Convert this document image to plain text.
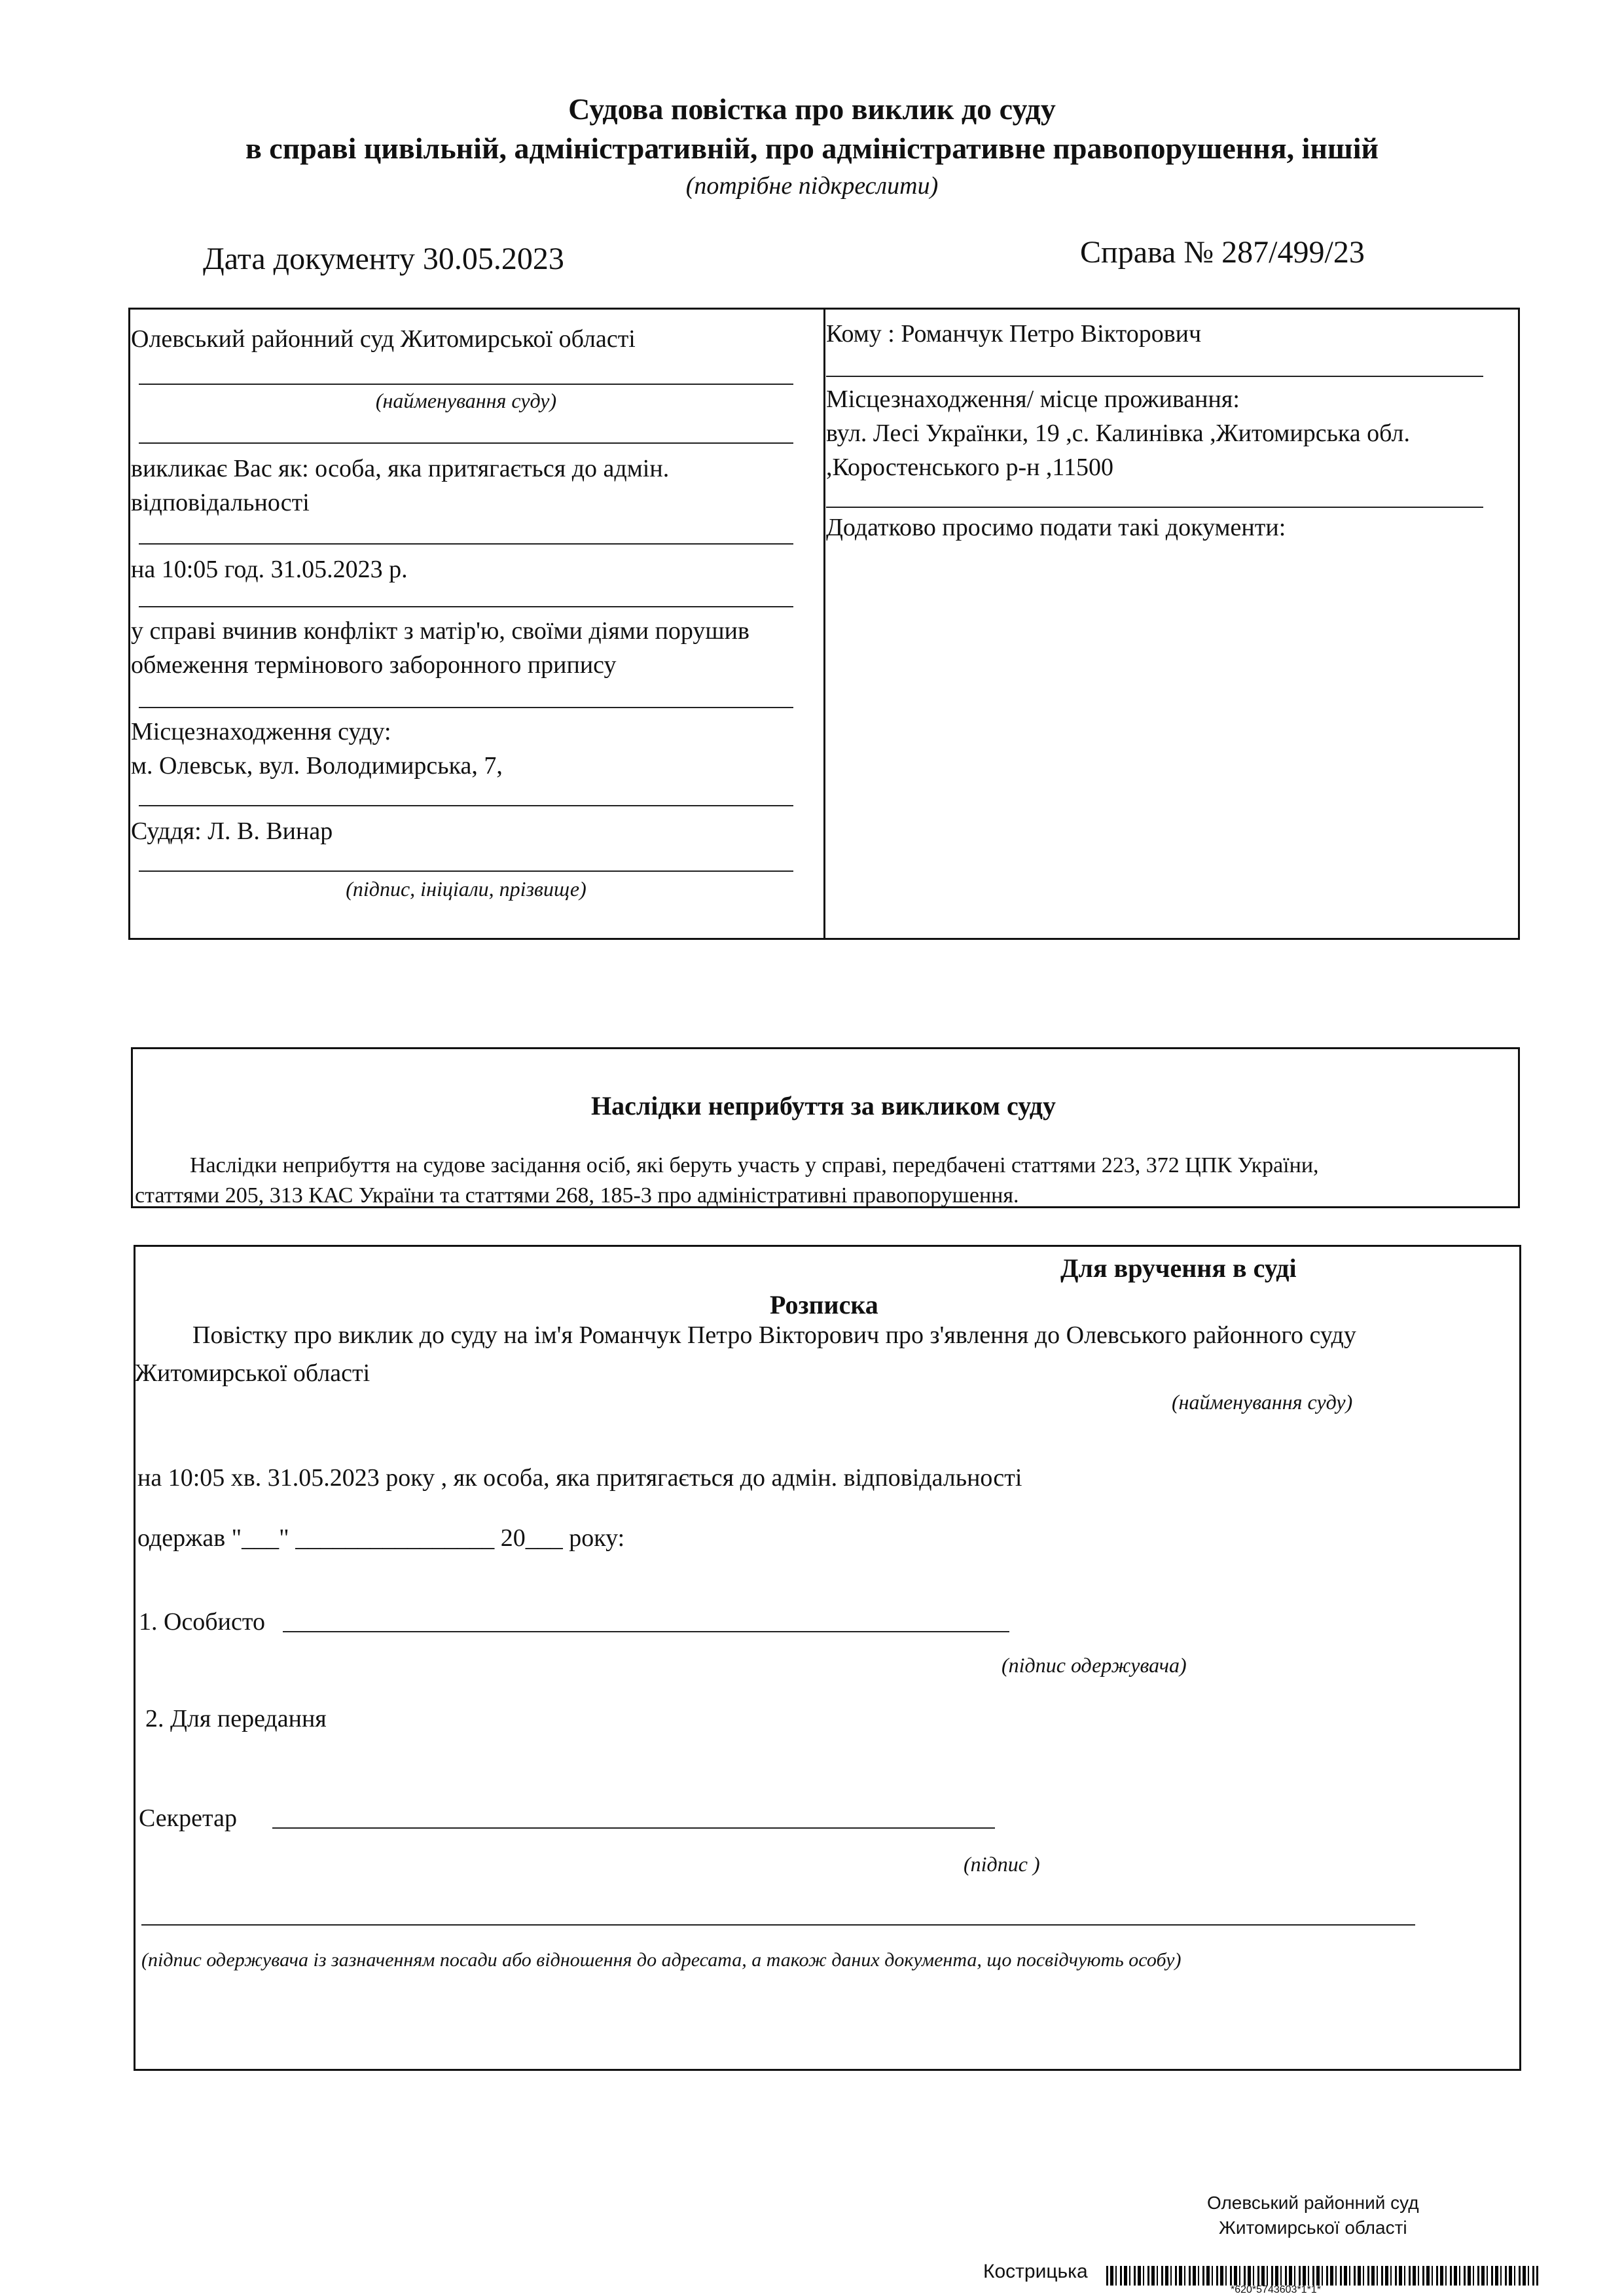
Судова повістка про виклик до суду
в справі цивільній, адміністративній, про адміністративне правопорушення, іншій
(потрібне підкреслити)
Дата документу 30.05.2023	Справа № 287/499/23
Олевський районний суд Житомирської області
(найменування суду)
викликає Вас як: особа, яка притягається до адмін.
відповідальності
на 10:05 год. 31.05.2023 р.
у справі вчинив конфлікт з матір'ю, своїми діями порушив
обмеження термінового заборонного припису
Місцезнаходження суду:
м. Олевськ, вул. Володимирська, 7,
Суддя: Л. В. Винар
(підпис, ініціали, прізвище)
Кому : Романчук Петро Вікторович
Місцезнаходження/ місце проживання:
вул. Лесі Українки, 19 ,с. Калинівка ,Житомирська обл.
,Коростенського р-н ,11500
Додатково просимо подати такі документи:
Наслідки неприбуття за викликом суду
Наслідки неприбуття на судове засідання осіб, які беруть участь у справі, передбачені статтями 223, 372 ЦПК України,
статтями 205, 313 КАС України та статтями 268, 185-3 про адміністративні правопорушення.
Для вручення в суді
Розписка
Повістку про виклик до суду на ім'я Романчук Петро Вікторович про з'явлення до Олевського районного суду
Житомирської області
(найменування суду)
на 10:05 хв. 31.05.2023 року , як особа, яка притягається до адмін. відповідальності
одержав "___" ________________ 20___ року:
1. Особисто
(підпис одержувача)
2. Для передання
Секретар
(підпис )
(підпис одержувача із зазначенням посади або відношення до адресата, а також даних документа, що посвідчують особу)
Олевський районний суд
Житомирської області
Кострицька
*620*5743603*1*1*
